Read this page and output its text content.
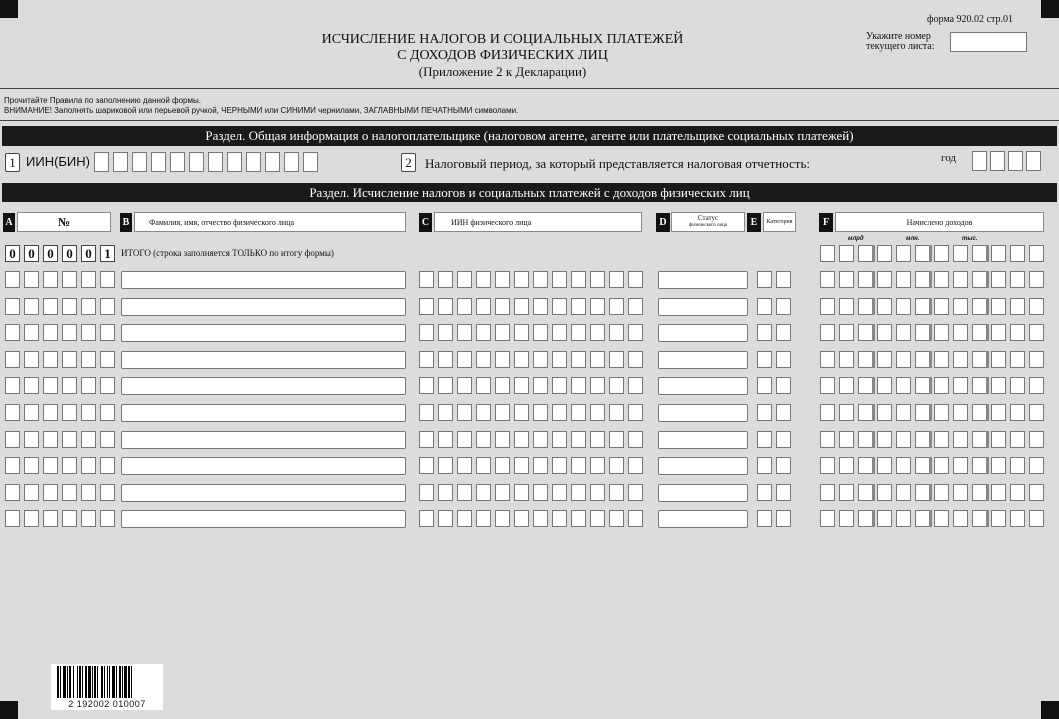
форма 920.02 стр.01
ИСЧИСЛЕНИЕ НАЛОГОВ И СОЦИАЛЬНЫХ ПЛАТЕЖЕЙ
С ДОХОДОВ ФИЗИЧЕСКИХ ЛИЦ
(Приложение 2 к Декларации)
Укажите номер
текущего листа:
Прочитайте Правила по заполнению данной формы.
ВНИМАНИЕ! Заполнять шариковой или перьевой ручкой, ЧЕРНЫМИ или СИНИМИ чернилами, ЗАГЛАВНЫМИ ПЕЧАТНЫМИ символами.
Раздел. Общая информация о налогоплательщике (налоговом агенте, агенте или плательщике социальных платежей)
1 ИИН(БИН)	2	Налоговый период, за который представляется налоговая отчетность:	год
Раздел. Исчисление налогов и социальных платежей с доходов физических лиц
A	№	B	Фамилия, имя, отчество физического лица	C	ИИН физического лица	D	Статус
физического лица	E	Категория	F	Начислено доходов
млрд	млн.	тыс.
0 0 0 0 0 1	ИТОГО (строка заполняется ТОЛЬКО по итогу формы)
2 192002 010007
